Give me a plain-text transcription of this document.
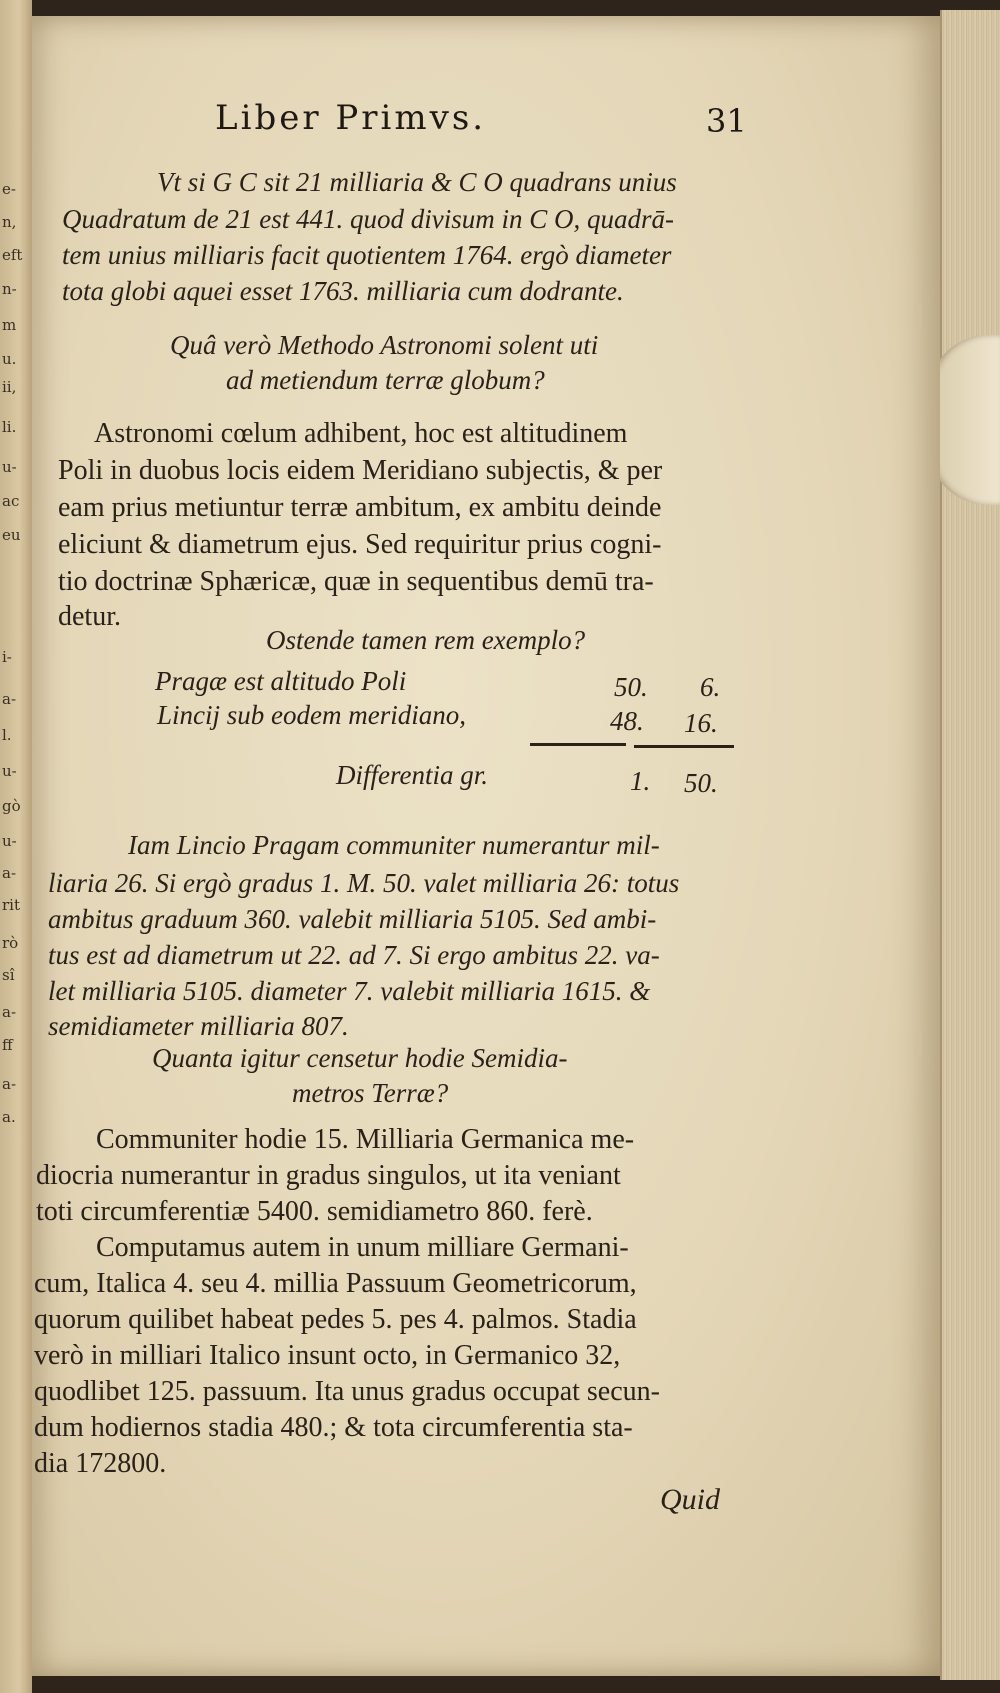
e-
n,
eft
n-
m
u.
ii,
li.
u-
ac
eu
i-
a-
l.
u-
gò
u-
a-
rit
rò
sî
a-
ff
a-
a.
Liber Primvs.	31
Vt si G C sit 21 milliaria & C O quadrans unius
Quadratum de 21 est 441. quod divisum in C O, quadrā-
tem unius milliaris facit quotientem 1764. ergò diameter
tota globi aquei esset 1763. milliaria cum dodrante.
Quâ verò Methodo Astronomi solent uti
ad metiendum terræ globum?
Astronomi cœlum adhibent, hoc est altitudinem
Poli in duobus locis eidem Meridiano subjectis, & per
eam prius metiuntur terræ ambitum, ex ambitu deinde
eliciunt & diametrum ejus. Sed requiritur prius cogni-
tio doctrinæ Sphæricæ, quæ in sequentibus demū tra-
detur.
Ostende tamen rem exemplo?
Pragæ est altitudo Poli	50. 6.
Lincij sub eodem meridiano,	48. 16.
Differentia gr.	1. 50.
Iam Lincio Pragam communiter numerantur mil-
liaria 26. Si ergò gradus 1. M. 50. valet milliaria 26: totus
ambitus graduum 360. valebit milliaria 5105. Sed ambi-
tus est ad diametrum ut 22. ad 7. Si ergo ambitus 22. va-
let milliaria 5105. diameter 7. valebit milliaria 1615. &
semidiameter milliaria 807.
Quanta igitur censetur hodie Semidia-
metros Terræ?
Communiter hodie 15. Milliaria Germanica me-
diocria numerantur in gradus singulos, ut ita veniant
toti circumferentiæ 5400. semidiametro 860. ferè.
Computamus autem in unum milliare Germani-
cum, Italica 4. seu 4. millia Passuum Geometricorum,
quorum quilibet habeat pedes 5. pes 4. palmos. Stadia
verò in milliari Italico insunt octo, in Germanico 32,
quodlibet 125. passuum. Ita unus gradus occupat secun-
dum hodiernos stadia 480.; & tota circumferentia sta-
dia 172800.
Quid
